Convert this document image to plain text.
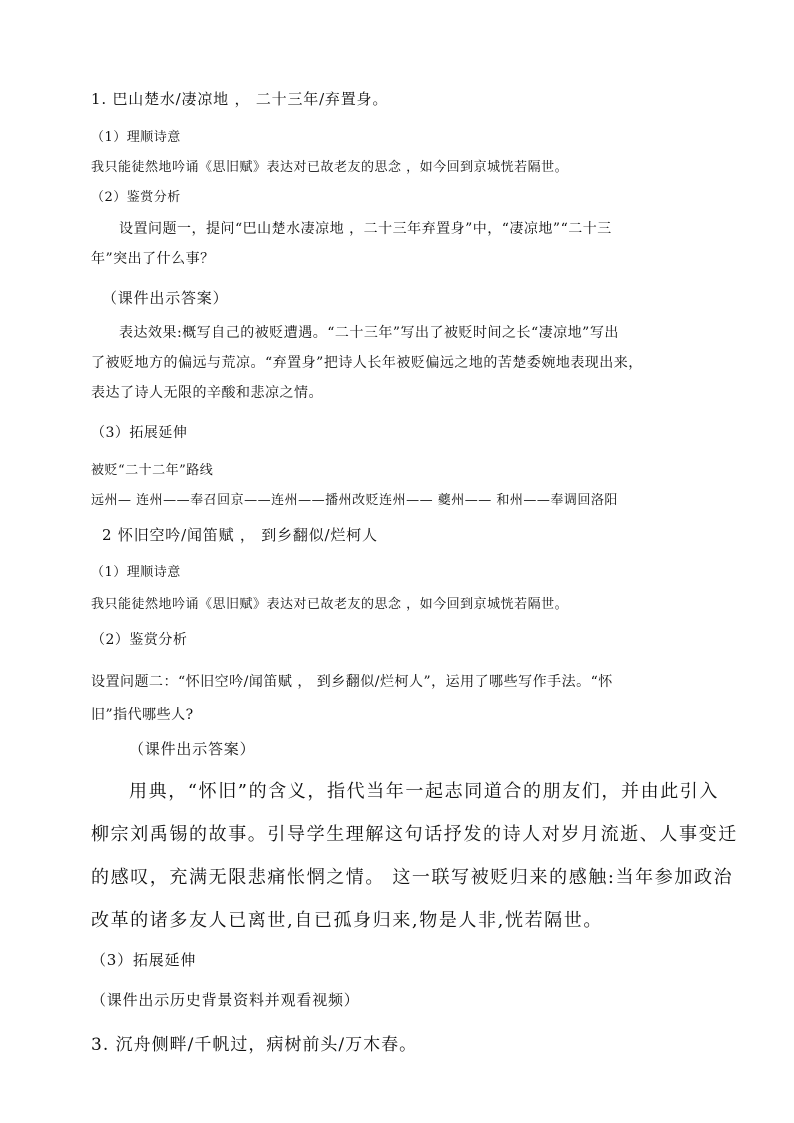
1. 巴山楚水/凄凉地 ， 二十三年/弃置身。

（1）理顺诗意

我只能徒然地吟诵《思旧赋》表达对已故老友的思念 ，如今回到京城恍若隔世。

（2）鉴赏分析

设置问题一，提问“巴山楚水凄凉地 ，二十三年弃置身”中，“凄凉地”“二十三

年”突出了什么事？

（课件出示答案）

表达效果:概写自己的被贬遭遇。“二十三年”写出了被贬时间之长“凄凉地”写出

了被贬地方的偏远与荒凉。“弃置身”把诗人长年被贬偏远之地的苦楚委婉地表现出来，

表达了诗人无限的辛酸和悲凉之情。

（3）拓展延伸

被贬“二十二年”路线

远州— 连州——奉召回京——连州——播州改贬连州—— 夔州—— 和州——奉调回洛阳

2 怀旧空吟/闻笛赋 ， 到乡翻似/烂柯人

（1）理顺诗意

我只能徒然地吟诵《思旧赋》表达对已故老友的思念 ，如今回到京城恍若隔世。

（2）鉴赏分析

设置问题二：“怀旧空吟/闻笛赋 ， 到乡翻似/烂柯人”，运用了哪些写作手法。“怀

旧”指代哪些人?

（课件出示答案）

用典，“怀旧”的含义，指代当年一起志同道合的朋友们，并由此引入

柳宗刘禹锡的故事。引导学生理解这句话抒发的诗人对岁月流逝、人事变迁

的感叹，充满无限悲痛怅惘之情。 这一联写被贬归来的感触:当年参加政治

改革的诸多友人已离世,自已孤身归来,物是人非,恍若隔世。

（3）拓展延伸

（课件出示历史背景资料并观看视频）

3. 沉舟侧畔/千帆过，病树前头/万木春。
